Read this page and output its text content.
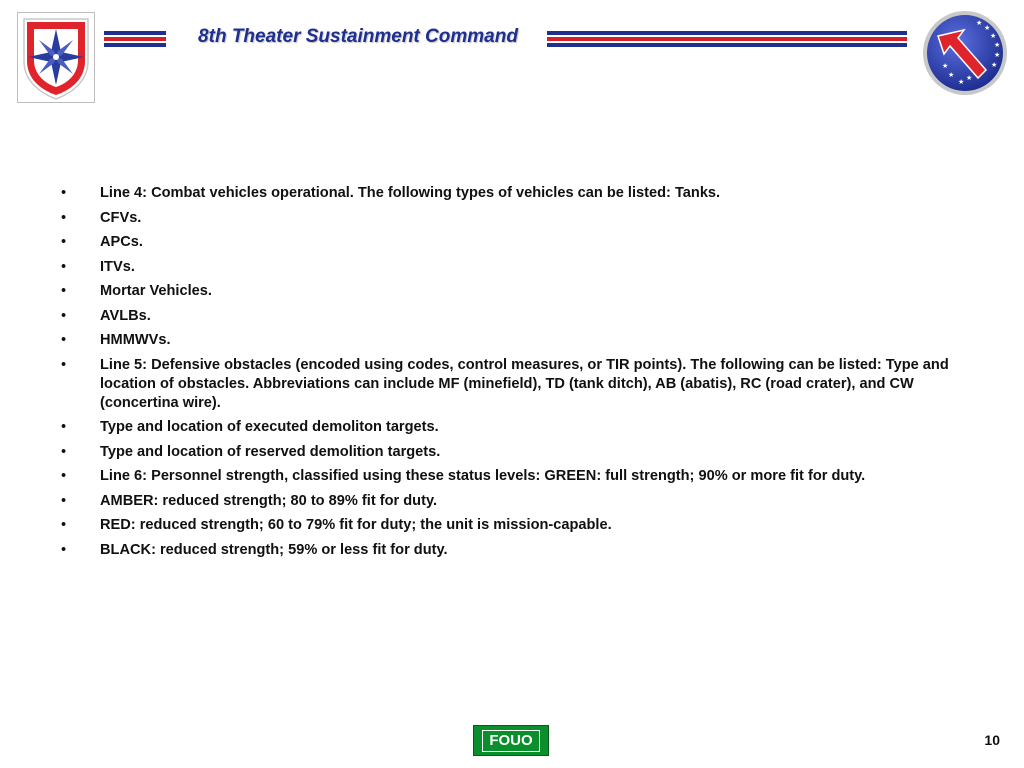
8th Theater Sustainment Command
★
★
★
★
★
★
★
★
★
★
• Line 4: Combat vehicles operational. The following types of vehicles can be listed: Tanks.
• CFVs.
• APCs.
• ITVs.
• Mortar Vehicles.
• AVLBs.
• HMMWVs.
• Line 5: Defensive obstacles (encoded using codes, control measures, or TIR points). The following can be listed: Type and location of obstacles. Abbreviations can include MF (minefield), TD (tank ditch), AB (abatis), RC (road crater), and CW (concertina wire).
• Type and location of executed demoliton targets.
• Type and location of reserved demolition targets.
• Line 6: Personnel strength, classified using these status levels: GREEN: full strength; 90% or more fit for duty.
• AMBER: reduced strength; 80 to 89% fit for duty.
• RED: reduced strength; 60 to 79% fit for duty; the unit is mission-capable.
• BLACK: reduced strength; 59% or less fit for duty.
FOUO	10
